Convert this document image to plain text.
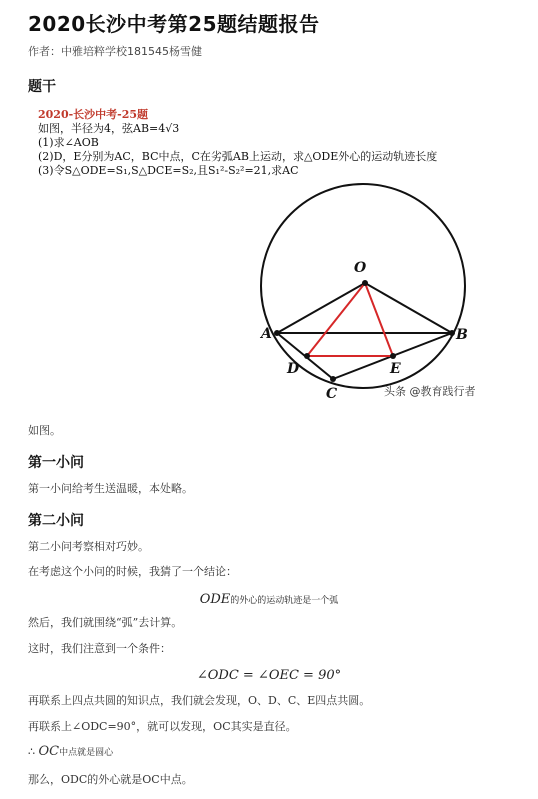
2020长沙中考第25题结题报告
作者：中雅培粹学校181545杨雪健
题干
2020-长沙中考-25题
如图，半径为4，弦AB=4√3
(1)求∠AOB
(2)D，E分别为AC，BC中点，C在劣弧AB上运动，求△ODE外心的运动轨迹长度
(3)令S△ODE=S₁,S△DCE=S₂,且S₁²-S₂²=21,求AC
O
A	B
C
D	E
头条 @教育践行者
如图。
第一小问
第一小问给考生送温暖，本处略。
第二小问
第二小问考察相对巧妙。
在考虑这个小问的时候，我猜了一个结论：
ODE的外心的运动轨迹是一个弧
然后，我们就围绕“弧”去计算。
这时，我们注意到一个条件：
∠ODC = ∠OEC = 90°
再联系上四点共圆的知识点，我们就会发现，O、D、C、E四点共圆。
再联系上∠ODC=90°，就可以发现，OC其实是直径。
∴ OC中点就是圆心
那么，ODC的外心就是OC中点。
